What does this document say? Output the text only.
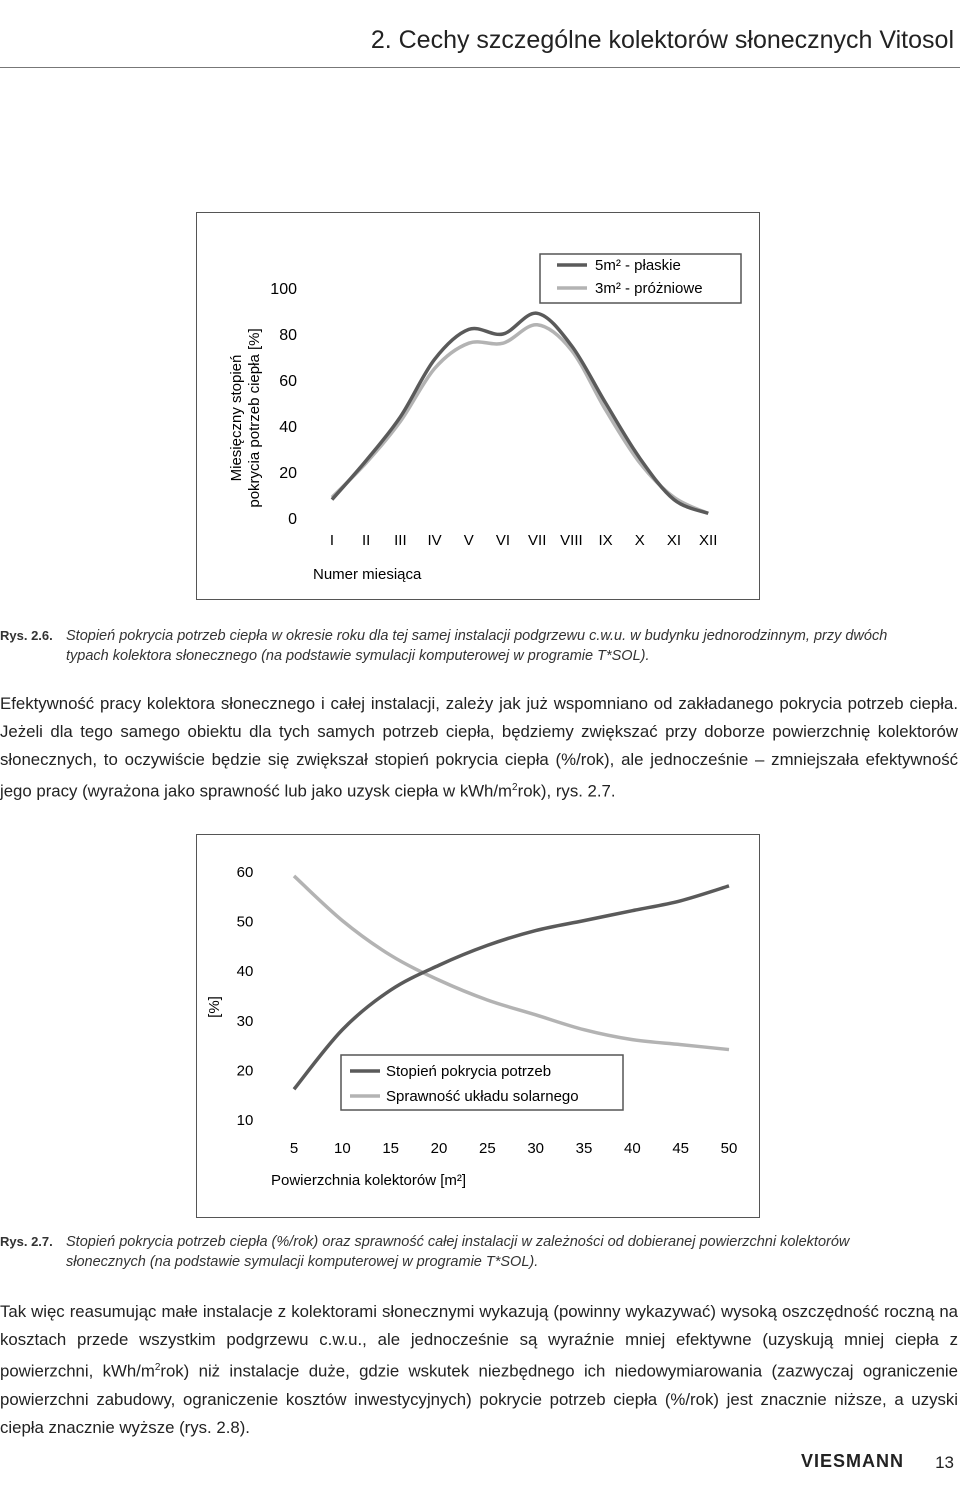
2. Cechy szczególne kolektorów słonecznych Vitosol
0
20
40
60
80
100
I II III IV V VI VII VIII IX X XI XII
Numer miesiąca
Miesięczny stopień pokrycia potrzeb ciepła [%]
5m² - płaskie
3m² - próżniowe
Rys. 2.6. Stopień pokrycia potrzeb ciepła w okresie roku dla tej samej instalacji podgrzewu c.w.u. w budynku jednorodzinnym, przy dwóch
typach kolektora słonecznego (na podstawie symulacji komputerowej w programie T*SOL).
Efektywność pracy kolektora słonecznego i całej instalacji, zależy jak już wspomniano od zakładanego pokrycia potrzeb ciepła. Jeżeli dla tego samego obiektu dla tych samych potrzeb ciepła, będziemy zwiększać przy doborze powierzchnię kolektorów słonecznych, to oczywiście będzie się zwiększał stopień pokrycia ciepła (%/rok), ale jednocześnie – zmniejszała efektywność jego pracy (wyrażona jako sprawność lub jako uzysk ciepła w kWh/$m^2rok$), rys. 2.7.
10
20
30
40
50
60
5 10 15 20 25 30 35 40 45 50
Powierzchnia kolektorów [m²]
[%]
Stopień pokrycia potrzeb
Sprawność układu solarnego
Rys. 2.7. Stopień pokrycia potrzeb ciepła (%/rok) oraz sprawność całej instalacji w zależności od dobieranej powierzchni kolektorów
słonecznych (na podstawie symulacji komputerowej w programie T*SOL).
Tak więc reasumując małe instalacje z kolektorami słonecznymi wykazują (powinny wykazywać) wysoką oszczędność roczną na kosztach przede wszystkim podgrzewu c.w.u., ale jednocześnie są wyraźnie mniej efektywne (uzyskują mniej ciepła z powierzchni, kWh/$m^2rok$) niż instalacje duże, gdzie wskutek niezbędnego ich niedowymiarowania (zazwyczaj ograniczenie powierzchni zabudowy, ograniczenie kosztów inwestycyjnych) pokrycie potrzeb ciepła (%/rok) jest znacznie niższe, a uzyski ciepła znacznie wyższe (rys. 2.8).
VIESMANN 13
